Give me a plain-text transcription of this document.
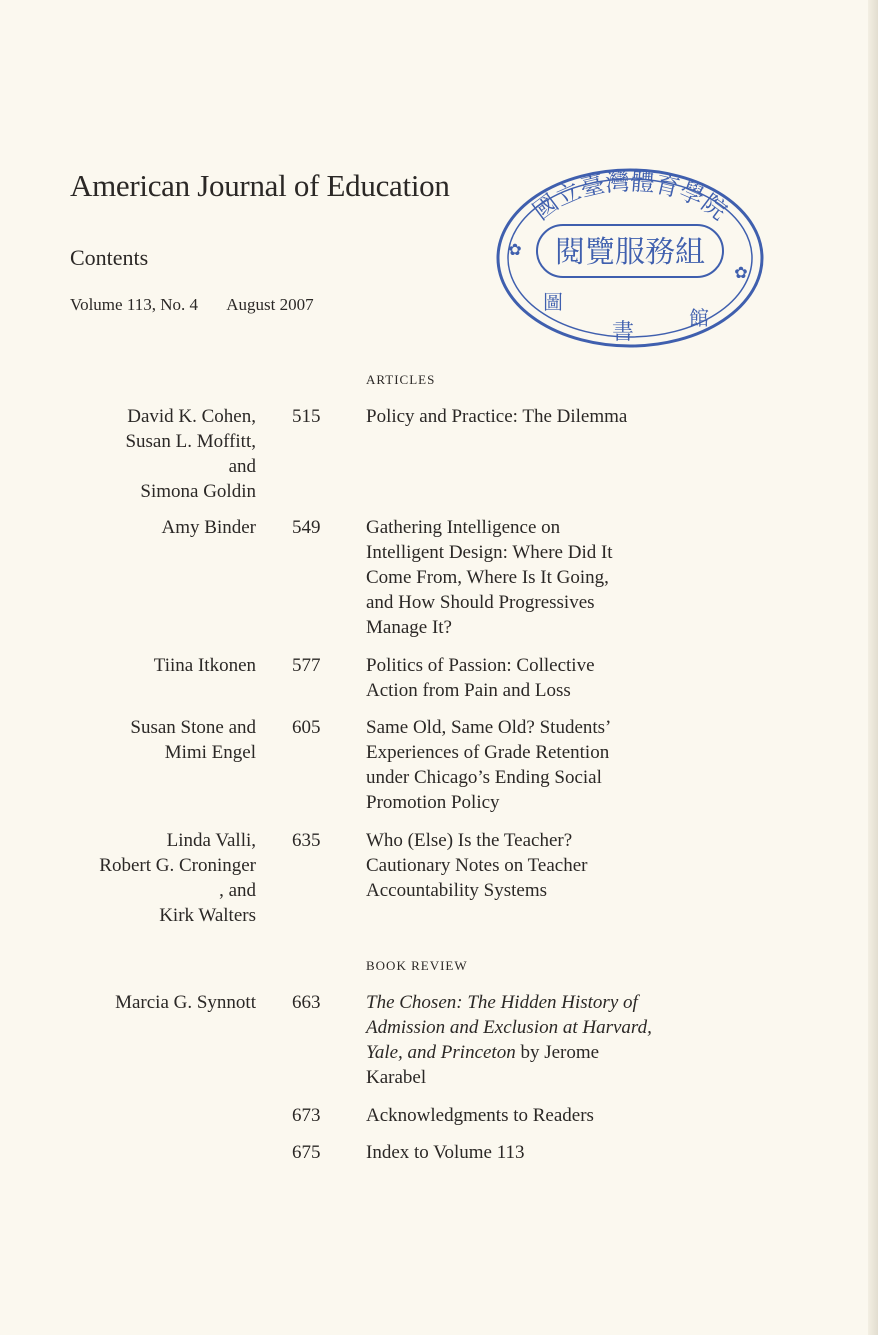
American Journal of Education
Contents
Volume 113, No. 4 August 2007
國立臺灣體育學院
閱覽服務組
圖
書
館
✿
✿
ARTICLES
David K. Cohen,
Susan L. Moffitt,
and
Simona Goldin
515 Policy and Practice: The Dilemma
Amy Binder 549 Gathering Intelligence on
Intelligent Design: Where Did It
Come From, Where Is It Going,
and How Should Progressives
Manage It?
Tiina Itkonen 577 Politics of Passion: Collective
Action from Pain and Loss
Susan Stone and
Mimi Engel
605 Same Old, Same Old? Students’
Experiences of Grade Retention
under Chicago’s Ending Social
Promotion Policy
Linda Valli,
Robert G. Croninger
, and
Kirk Walters
635 Who (Else) Is the Teacher?
Cautionary Notes on Teacher
Accountability Systems
BOOK REVIEW
Marcia G. Synnott 663 The Chosen: The Hidden History of
Admission and Exclusion at Harvard,
Yale, and Princeton by Jerome
Karabel
673 Acknowledgments to Readers
675 Index to Volume 113
